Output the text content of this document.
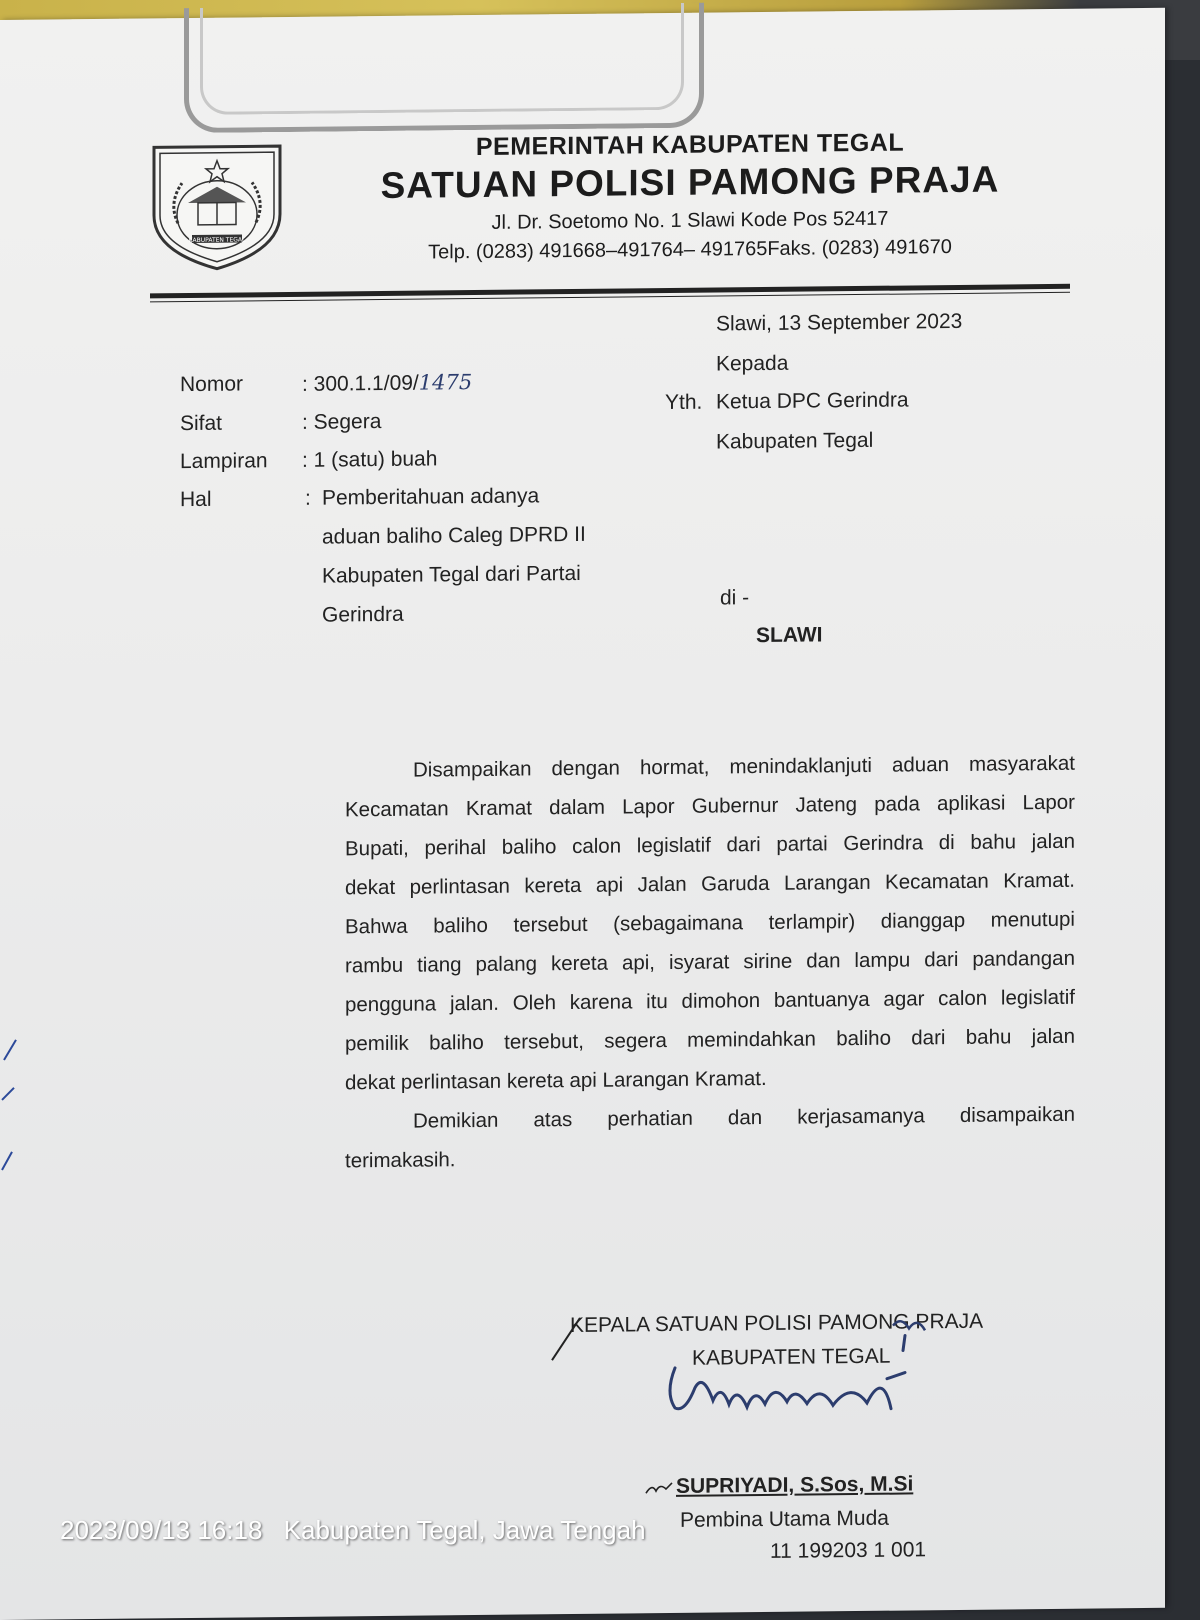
KABUPATEN TEGAL
PEMERINTAH KABUPATEN TEGAL
SATUAN POLISI PAMONG PRAJA
Jl. Dr. Soetomo No. 1 Slawi Kode Pos 52417
Telp. (0283) 491668–491764– 491765Faks. (0283) 491670
Slawi, 13 September 2023
Kepada
Yth. Ketua DPC Gerindra
Kabupaten Tegal
di -
SLAWI
Nomor	: 300.1.1/09/1475
Sifat	: Segera
Lampiran : 1 (satu) buah
Hal	: Pemberitahuan adanya
aduan baliho Caleg DPRD II
Kabupaten Tegal dari Partai
Gerindra
Disampaikan dengan hormat, menindaklanjuti aduan masyarakat
Kecamatan Kramat dalam Lapor Gubernur Jateng pada aplikasi Lapor
Bupati, perihal baliho calon legislatif dari partai Gerindra di bahu jalan
dekat perlintasan kereta api Jalan Garuda Larangan Kecamatan Kramat.
Bahwa baliho tersebut (sebagaimana terlampir) dianggap menutupi
rambu tiang palang kereta api, isyarat sirine dan lampu dari pandangan
pengguna jalan. Oleh karena itu dimohon bantuanya agar calon legislatif
pemilik baliho tersebut, segera memindahkan baliho dari bahu jalan
dekat perlintasan kereta api Larangan Kramat.
Demikian atas perhatian dan kerjasamanya disampaikan
terimakasih.
KEPALA SATUAN POLISI PAMONG PRAJA
KABUPATEN TEGAL
SUPRIYADI, S.Sos, M.Si
Pembina Utama Muda
11 199203 1 001
2023/09/13 16:18 Kabupaten Tegal, Jawa Tengah
